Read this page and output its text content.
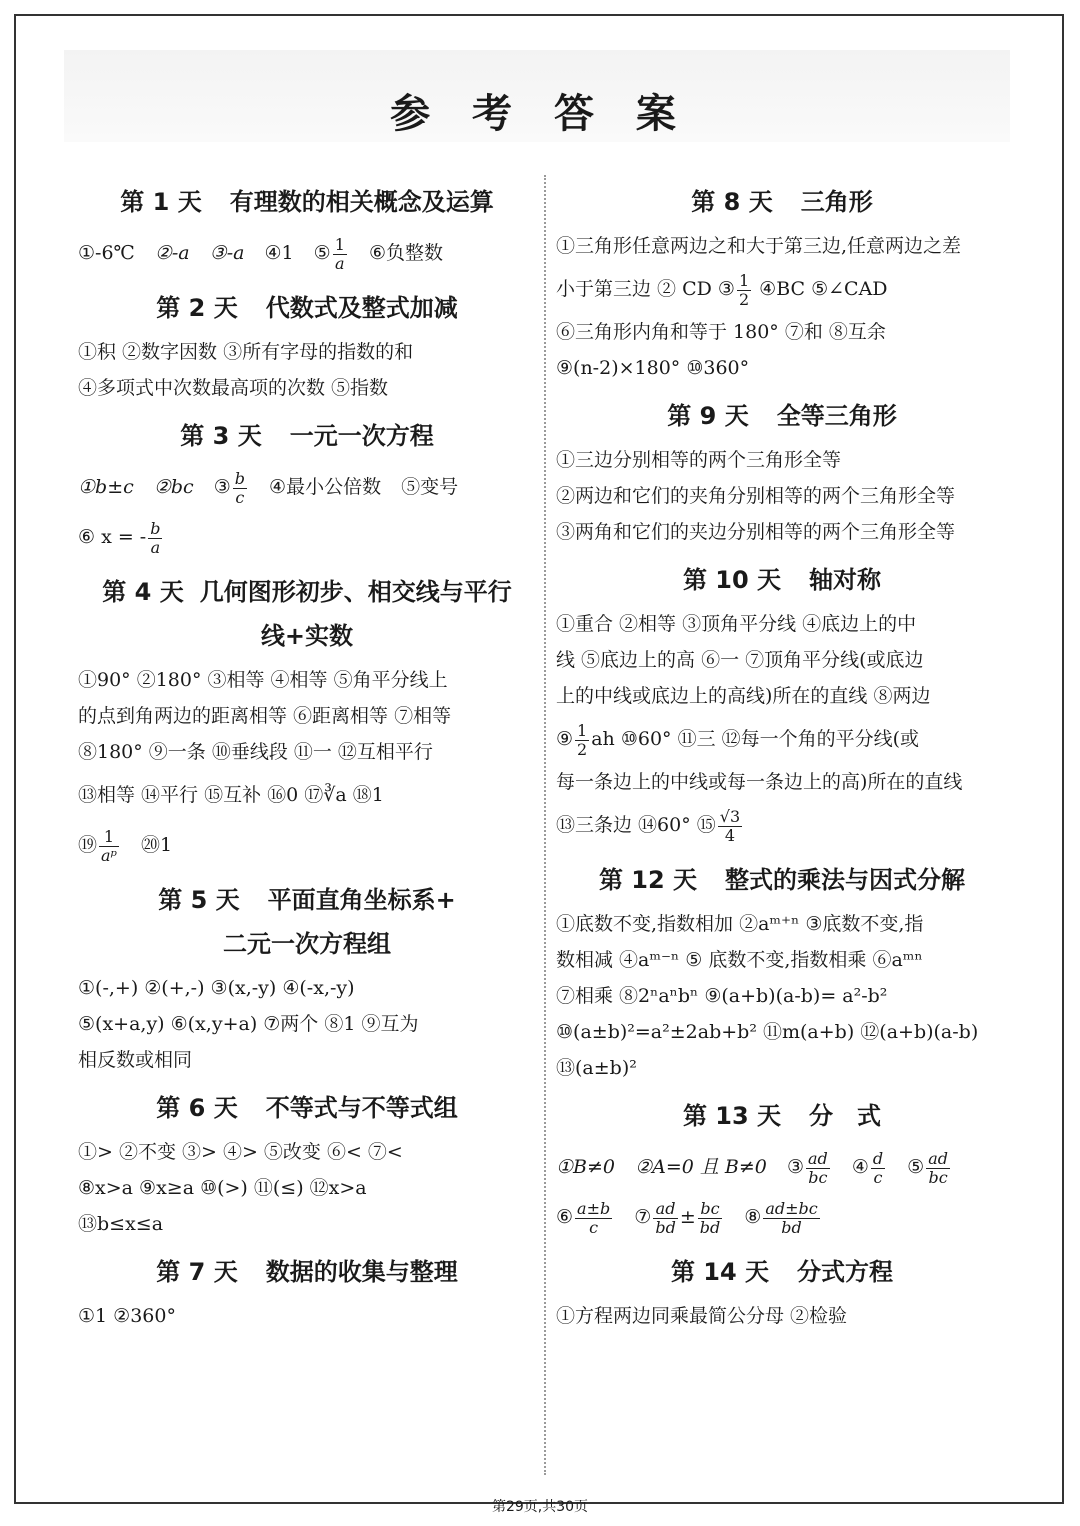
参 考 答 案
第 1 天 有理数的相关概念及运算
①-6℃ ②-a ③-a ④1 ⑤ $\frac{1}{a}$ ⑥负整数
第 2 天 代数式及整式加减
①积 ②数字因数 ③所有字母的指数的和
④多项式中次数最高项的次数 ⑤指数
第 3 天 一元一次方程
①b±c ②bc ③ $\frac{b}{c}$ ④最小公倍数 ⑤变号
⑥ x = - $\frac{b}{a}$
第 4 天 几何图形初步、相交线与平行
线+实数
①90° ②180° ③相等 ④相等 ⑤角平分线上
的点到角两边的距离相等 ⑥距离相等 ⑦相等
⑧180° ⑨一条 ⑩垂线段 ⑪一 ⑫互相平行
⑬相等 ⑭平行 ⑮互补 ⑯0 ⑰∛a ⑱1
⑲ $\frac{1}{\text{aᵖ}}$ ⑳1
第 5 天 平面直角坐标系+
二元一次方程组
①(-,+) ②(+,-) ③(x,-y) ④(-x,-y)
⑤(x+a,y) ⑥(x,y+a) ⑦两个 ⑧1 ⑨互为
相反数或相同
第 6 天 不等式与不等式组
①> ②不变 ③> ④> ⑤改变 ⑥< ⑦<
⑧x>a ⑨x≥a ⑩(>) ⑪(≤) ⑫x>a
⑬b≤x≤a
第 7 天 数据的收集与整理
①1 ②360°
第 8 天 三角形
①三角形任意两边之和大于第三边,任意两边之差
小于第三边 ② CD ③ $\frac{1}{2}$ ④BC ⑤∠CAD
⑥三角形内角和等于 180° ⑦和 ⑧互余
⑨(n-2)×180° ⑩360°
第 9 天 全等三角形
①三边分别相等的两个三角形全等
②两边和它们的夹角分别相等的两个三角形全等
③两角和它们的夹边分别相等的两个三角形全等
第 10 天 轴对称
①重合 ②相等 ③顶角平分线 ④底边上的中
线 ⑤底边上的高 ⑥一 ⑦顶角平分线(或底边
上的中线或底边上的高线)所在的直线 ⑧两边
⑨ $\frac{1}{2}$ ah ⑩60° ⑪三 ⑫每一个角的平分线(或
每一条边上的中线或每一条边上的高)所在的直线
⑬三条边 ⑭60° ⑮ $\frac{√3}{4}$
第 12 天 整式的乘法与因式分解
①底数不变,指数相加 ②aᵐ⁺ⁿ ③底数不变,指
数相减 ④aᵐ⁻ⁿ ⑤ 底数不变,指数相乘 ⑥aᵐⁿ
⑦相乘 ⑧2ⁿaⁿbⁿ ⑨(a+b)(a-b)= a²-b²
⑩(a±b)²=a²±2ab+b² ⑪m(a+b) ⑫(a+b)(a-b)
⑬(a±b)²
第 13 天 分　式
①B≠0 ②A=0 且 B≠0 ③ $\frac{ad}{bc}$ ④ $\frac{d}{c}$ ⑤ $\frac{ad}{bc}$
⑥ $\frac{a\pm b}{c}$ ⑦ $\frac{ad}{bd} \pm \frac{bc}{bd}$ ⑧ $\frac{ad\pm bc}{bd}$
第 14 天 分式方程
①方程两边同乘最简公分母 ②检验
第29页,共30页
